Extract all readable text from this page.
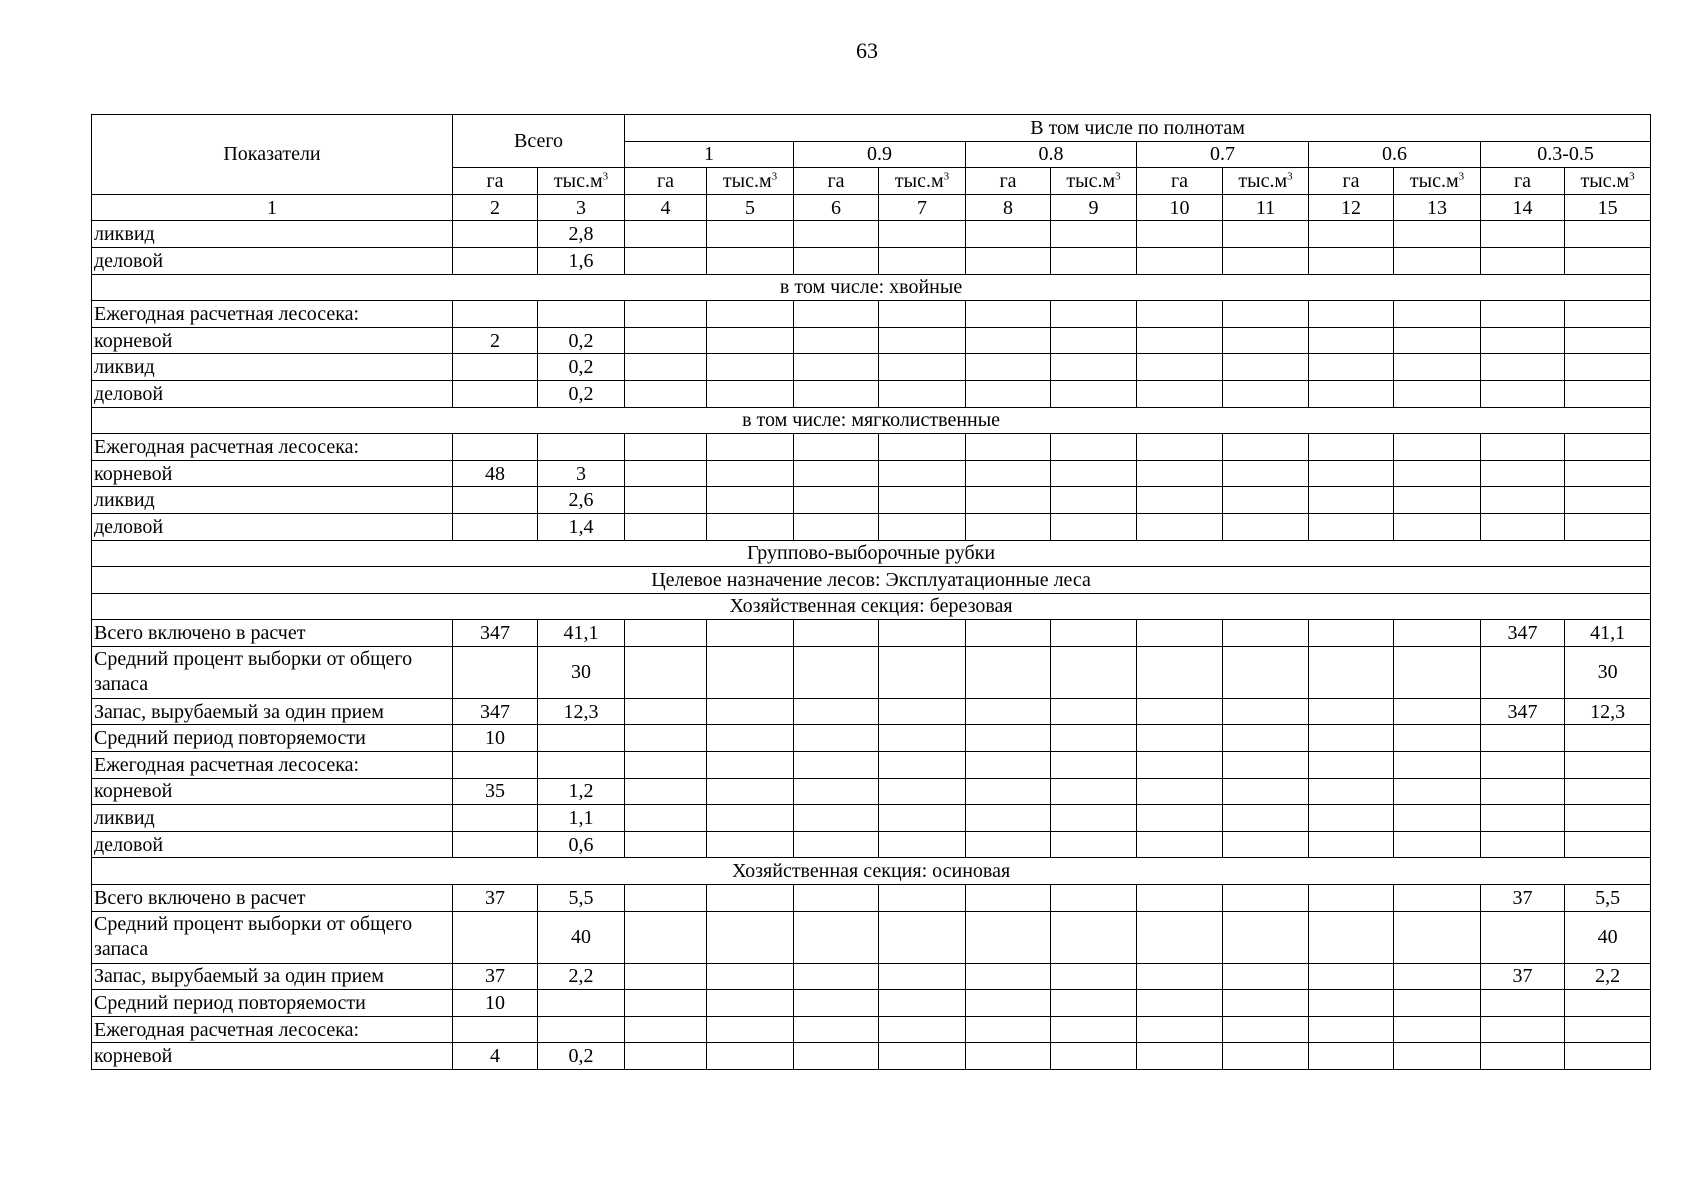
63
Показатели	Всего		В том числе по полнотам											
			1		0.9		0.8		0.7		0.6		0.3-0.5	
	га	$тыс.м^3$	га	$тыс.м^3$	га	$тыс.м^3$	га	$тыс.м^3$	га	$тыс.м^3$	га	$тыс.м^3$	га	$тыс.м^3$
1	2	3	4	5	6	7	8	9	10	11	12	13	14	15
ликвид		2,8												
деловой		1,6												
в том числе: хвойные														
Ежегодная расчетная лесосека:														
корневой	2	0,2												
ликвид		0,2												
деловой		0,2												
в том числе: мягколиственные														
Ежегодная расчетная лесосека:														
корневой	48	3												
ликвид		2,6												
деловой		1,4												
Группово-выборочные рубки														
Целевое назначение лесов: Эксплуатационные леса														
Хозяйственная секция: березовая														
Всего включено в расчет	347	41,1											347	41,1
Средний процент выборки от общего запаса		30												30
Запас, вырубаемый за один прием	347	12,3											347	12,3
Средний период повторяемости	10													
Ежегодная расчетная лесосека:														
корневой	35	1,2												
ликвид		1,1												
деловой		0,6												
Хозяйственная секция: осиновая														
Всего включено в расчет	37	5,5											37	5,5
Средний процент выборки от общего запаса		40												40
Запас, вырубаемый за один прием	37	2,2											37	2,2
Средний период повторяемости	10													
Ежегодная расчетная лесосека:														
корневой	4	0,2												
